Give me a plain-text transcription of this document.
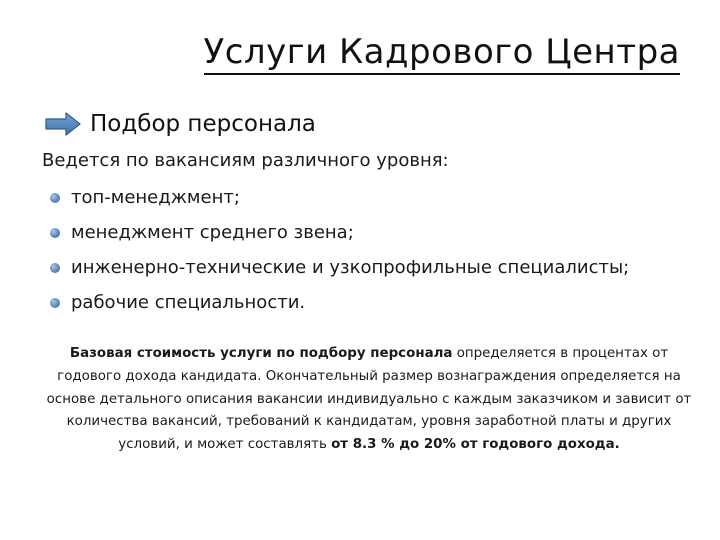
Услуги Кадрового Центра
Подбор персонала
Ведется по вакансиям различного уровня:
топ-менеджмент;
менеджмент среднего звена;
инженерно-технические и узкопрофильные специалисты;
рабочие специальности.
Базовая стоимость услуги по подбору персонала определяется в процентах от годового дохода кандидата. Окончательный размер вознаграждения определяется на основе детального описания вакансии индивидуально с каждым заказчиком и зависит от количества вакансий, требований к кандидатам, уровня заработной платы и других условий, и может составлять от 8.3 % до 20% от годового дохода.
